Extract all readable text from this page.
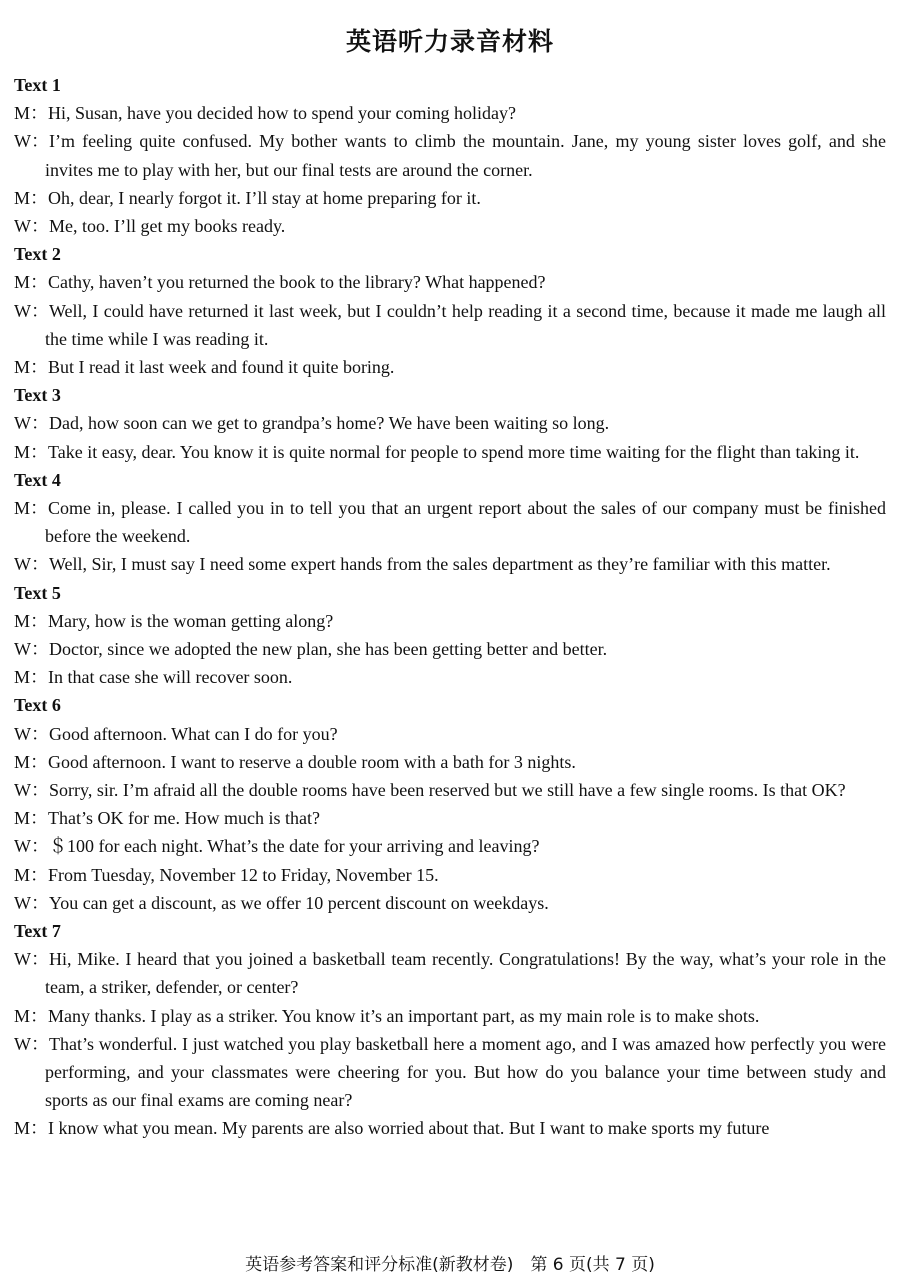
英语听力录音材料
Text 1
M：Hi, Susan, have you decided how to spend your coming holiday?
W：I’m feeling quite confused. My bother wants to climb the mountain. Jane, my young sister loves golf, and she invites me to play with her, but our final tests are around the corner.
M：Oh, dear, I nearly forgot it. I’ll stay at home preparing for it.
W：Me, too. I’ll get my books ready.
Text 2
M：Cathy, haven’t you returned the book to the library? What happened?
W：Well, I could have returned it last week, but I couldn’t help reading it a second time, because it made me laugh all the time while I was reading it.
M：But I read it last week and found it quite boring.
Text 3
W：Dad, how soon can we get to grandpa’s home? We have been waiting so long.
M：Take it easy, dear. You know it is quite normal for people to spend more time waiting for the flight than taking it.
Text 4
M：Come in, please. I called you in to tell you that an urgent report about the sales of our company must be finished before the weekend.
W：Well, Sir, I must say I need some expert hands from the sales department as they’re familiar with this matter.
Text 5
M：Mary, how is the woman getting along?
W：Doctor, since we adopted the new plan, she has been getting better and better.
M：In that case she will recover soon.
Text 6
W：Good afternoon. What can I do for you?
M：Good afternoon. I want to reserve a double room with a bath for 3 nights.
W：Sorry, sir. I’m afraid all the double rooms have been reserved but we still have a few single rooms. Is that OK?
M：That’s OK for me. How much is that?
W：＄100 for each night. What’s the date for your arriving and leaving?
M：From Tuesday, November 12 to Friday, November 15.
W：You can get a discount, as we offer 10 percent discount on weekdays.
Text 7
W：Hi, Mike. I heard that you joined a basketball team recently. Congratulations! By the way, what’s your role in the team, a striker, defender, or center?
M：Many thanks. I play as a striker. You know it’s an important part, as my main role is to make shots.
W：That’s wonderful. I just watched you play basketball here a moment ago, and I was amazed how perfectly you were performing, and your classmates were cheering for you. But how do you balance your time between study and sports as our final exams are coming near?
M：I know what you mean. My parents are also worried about that. But I want to make sports my future
英语参考答案和评分标准(新教材卷)　第 6 页(共 7 页)
